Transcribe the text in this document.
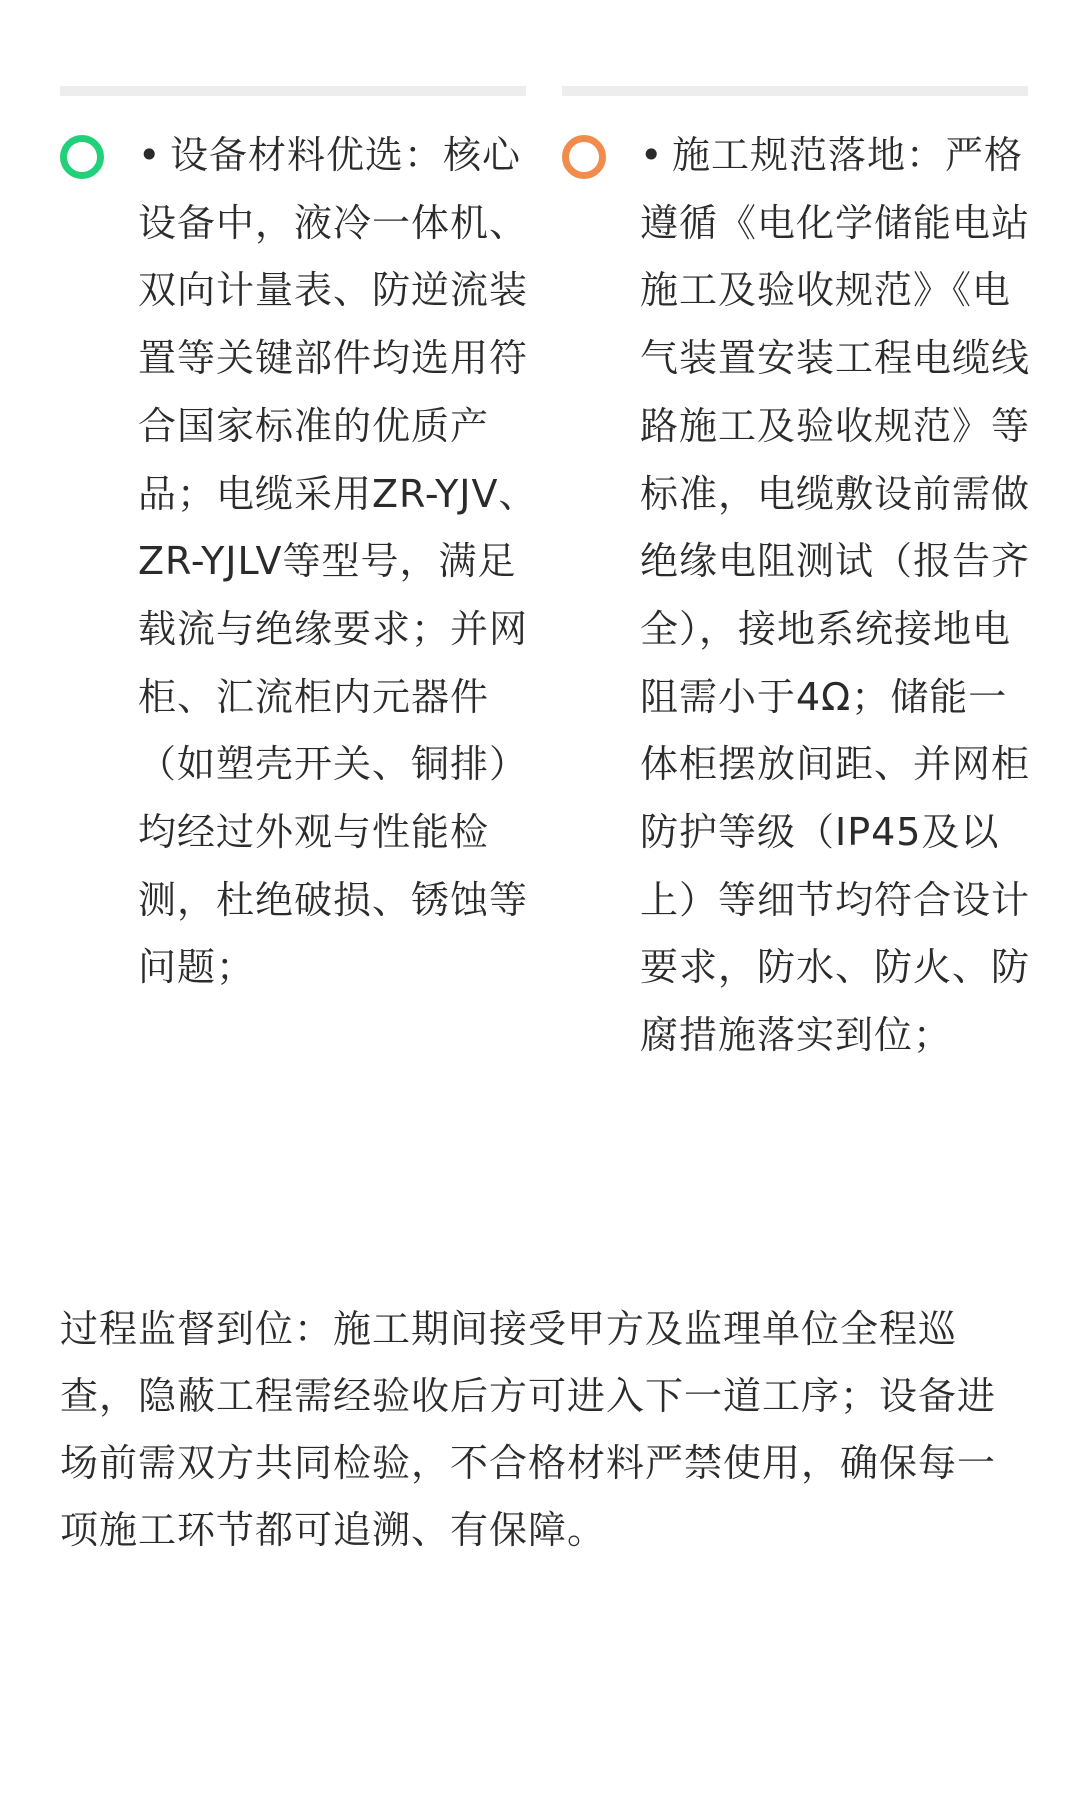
• 设备材料优选：核心设备中，液冷一体机、双向计量表、防逆流装置等关键部件均选用符合国家标准的优质产品；电缆采用ZR-YJV、ZR-YJLV等型号，满足载流与绝缘要求；并网柜、汇流柜内元器件（如塑壳开关、铜排）均经过外观与性能检测，杜绝破损、锈蚀等问题；

• 施工规范落地：严格遵循《电化学储能电站施工及验收规范》《电气装置安装工程电缆线路施工及验收规范》等标准，电缆敷设前需做绝缘电阻测试（报告齐全），接地系统接地电阻需小于4Ω；储能一体柜摆放间距、并网柜防护等级（IP45及以上）等细节均符合设计要求，防水、防火、防腐措施落实到位；

过程监督到位：施工期间接受甲方及监理单位全程巡查，隐蔽工程需经验收后方可进入下一道工序；设备进场前需双方共同检验，不合格材料严禁使用，确保每一项施工环节都可追溯、有保障。
